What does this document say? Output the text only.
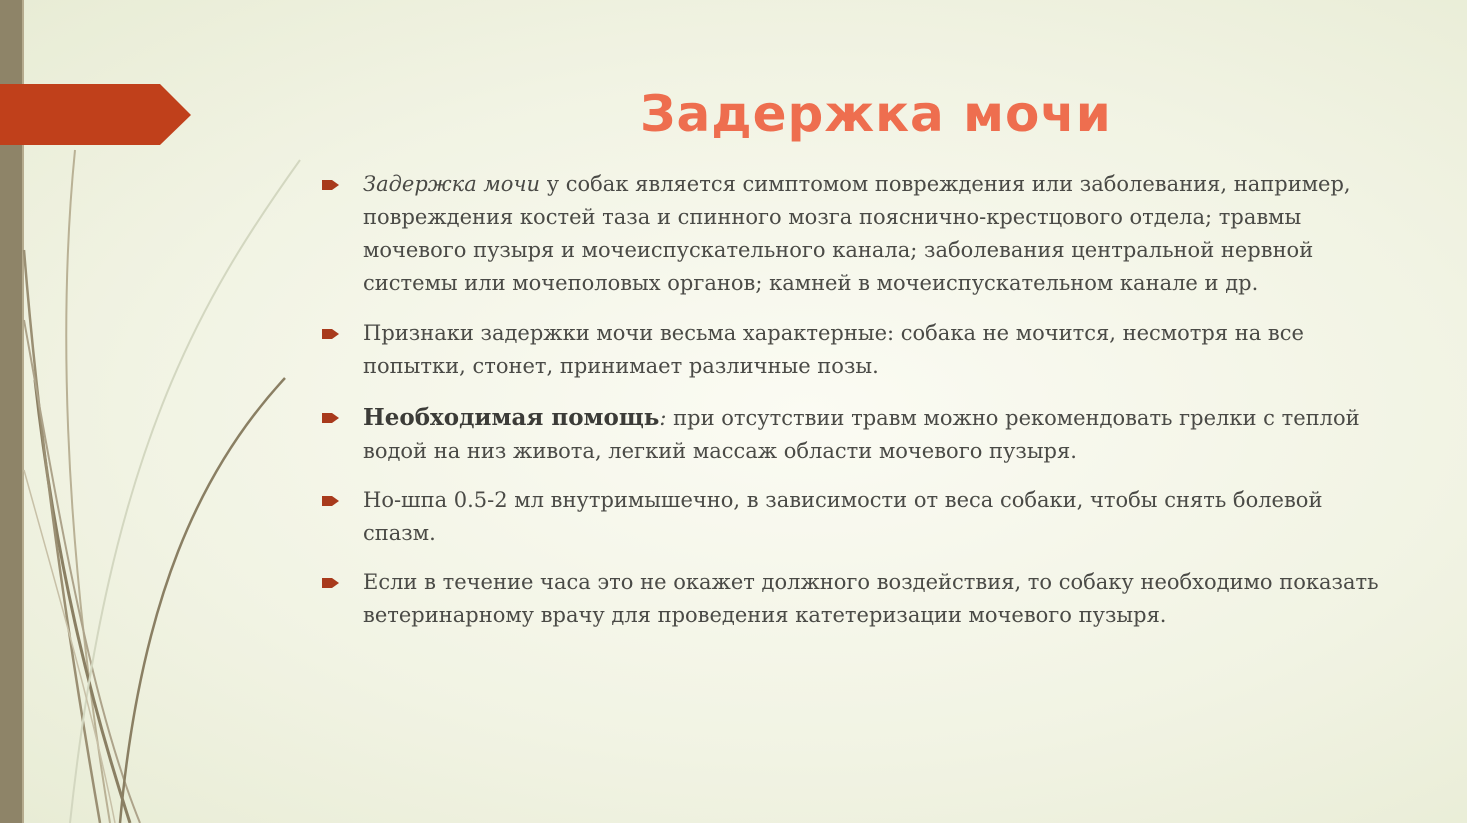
Задержка мочи
Задержка мочи у собак является симптомом повреждения или заболевания, например, повреждения костей таза и спинного мозга пояснично-крестцового отдела; травмы мочевого пузыря и мочеиспускательного канала; заболевания центральной нервной системы или мочеполовых органов; камней в мочеиспускательном канале и др.
Признаки задержки мочи весьма характерные: собака не мочится, несмотря на все попытки, стонет, принимает различные позы.
Необходимая помощь: при отсутствии травм можно рекомендовать грелки с теплой водой на низ живота, легкий массаж области мочевого пузыря.
Но-шпа 0.5-2 мл внутримышечно, в зависимости от веса собаки, чтобы снять болевой спазм.
Если в течение часа это не окажет должного воздействия, то собаку необходимо показать ветеринарному врачу для проведения катетеризации мочевого пузыря.
